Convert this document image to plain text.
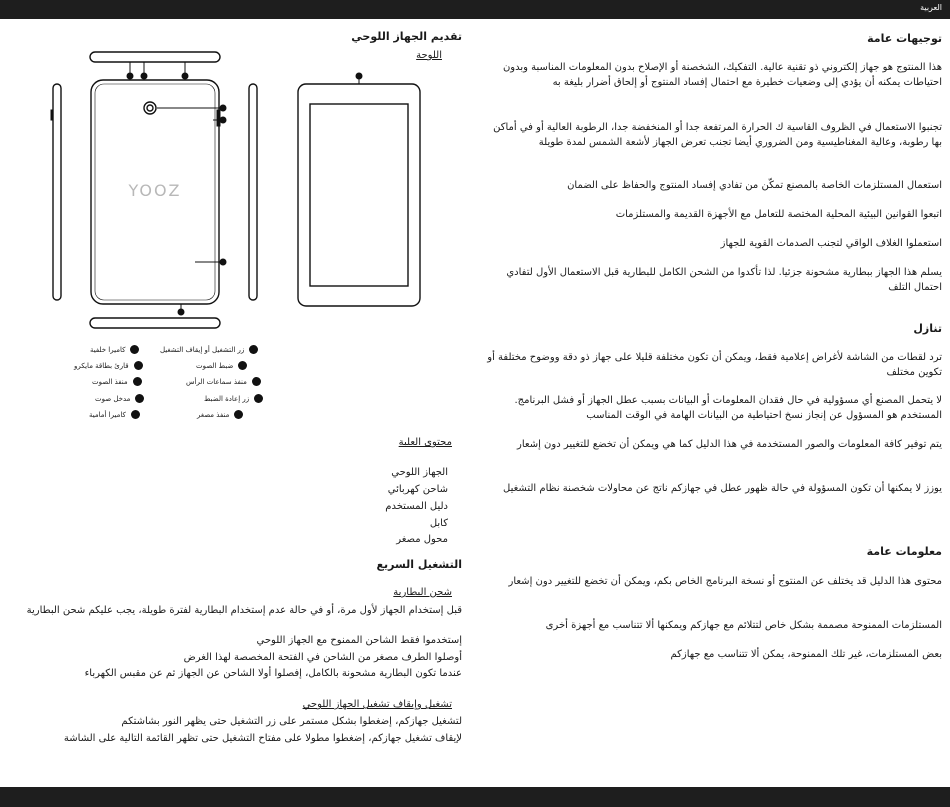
العربية
توجيهات عامة
هذا المنتوج هو جهاز إلكتروني ذو تقنية عالية. التفكيك، الشخصنة أو الإصلاح بدون المعلومات المناسبة وبدون احتياطات يمكنه أن يؤدي إلى وضعيات خطيرة مع احتمال إفساد المنتوج أو إلحاق أضرار بليغة به
تجنبوا الاستعمال في الظروف القاسية ك الحرارة المرتفعة جدا أو المنخفضة جدا، الرطوبة العالية أو في أماكن بها رطوبة، وعالية المغناطيسية ومن الضروري أيضا تجنب تعرض الجهاز لأشعة الشمس لمدة طويلة
استعمال المستلزمات الخاصة بالمصنع تمكّن من تفادي إفساد المنتوج والحفاظ على الضمان
اتبعوا القوانين البيئية المحلية المختصة للتعامل مع الأجهزة القديمة والمستلزمات
استعملوا الغلاف الواقي لتجنب الصدمات القوية للجهاز
يسلم هذا الجهاز ببطارية مشحونة جزئيا. لذا تأكدوا من الشحن الكامل للبطارية قبل الاستعمال الأول لتفادي احتمال التلف
تنازل
ترد لقطات من الشاشة لأغراض إعلامية فقط، ويمكن أن تكون مختلفة قليلا على جهاز ذو دقة ووضوح مختلفة أو تكوين مختلف
لا يتحمل المصنع أي مسؤولية في حال فقدان المعلومات أو البيانات بسبب عطل الجهاز أو فشل البرنامج. المستخدم هو المسؤول عن إنجاز نسخ احتياطية من البيانات الهامة في الوقت المناسب
يتم توفير كافة المعلومات والصور المستخدمة في هذا الدليل كما هي ويمكن أن تخضع للتغيير دون إشعار
يوزز لا يمكنها أن تكون المسؤولة في حالة ظهور عطل في جهازكم ناتج عن محاولات شخصنة نظام التشغيل
معلومات عامة
محتوى هذا الدليل قد يختلف عن المنتوج أو نسخة البرنامج الخاص بكم، ويمكن أن تخضع للتغيير دون إشعار
المستلزمات الممنوحة مصممة بشكل خاص لتتلائم مع جهازكم ويمكنها ألا تتناسب مع أجهزة أخرى
بعض المستلزمات، غير تلك الممنوحة، يمكن ألا تتناسب مع جهازكم
تقديم الجهاز اللوحي
اللوحة
YOOZ
زر التشغيل أو إيقاف التشغيل
ضبط الصوت
منفذ سماعات الرأس
زر إعادة الضبط
منفذ مصغر
كاميرا خلفية
قارئ بطاقة مايكرو
منفذ الصوت
مدخل صوت
كاميرا أمامية
محتوى العلبة
الجهاز اللوحي
شاحن كهربائي
دليل المستخدم
كابل
محول مصغر
التشغيل السريع
شحن البطارية
قبل إستخدام الجهاز لأول مرة، أو في حالة عدم إستخدام البطارية لفترة طويلة، يجب عليكم شحن البطارية
إستخدموا فقط الشاحن الممنوح مع الجهاز اللوحي
أوصلوا الطرف مصغر من الشاحن في الفتحة المخصصة لهذا الغرض
عندما تكون البطارية مشحونة بالكامل، إفصلوا أولا الشاحن عن الجهاز ثم عن مقبس الكهرباء
تشغيل وإيقاف تشغيل الجهاز اللوحي
لتشغيل جهازكم، إضغطوا بشكل مستمر على زر التشغيل حتى يظهر النور بشاشتكم
لإيقاف تشغيل جهازكم، إضغطوا مطولا على مفتاح التشغيل حتى تظهر القائمة التالية على الشاشة
